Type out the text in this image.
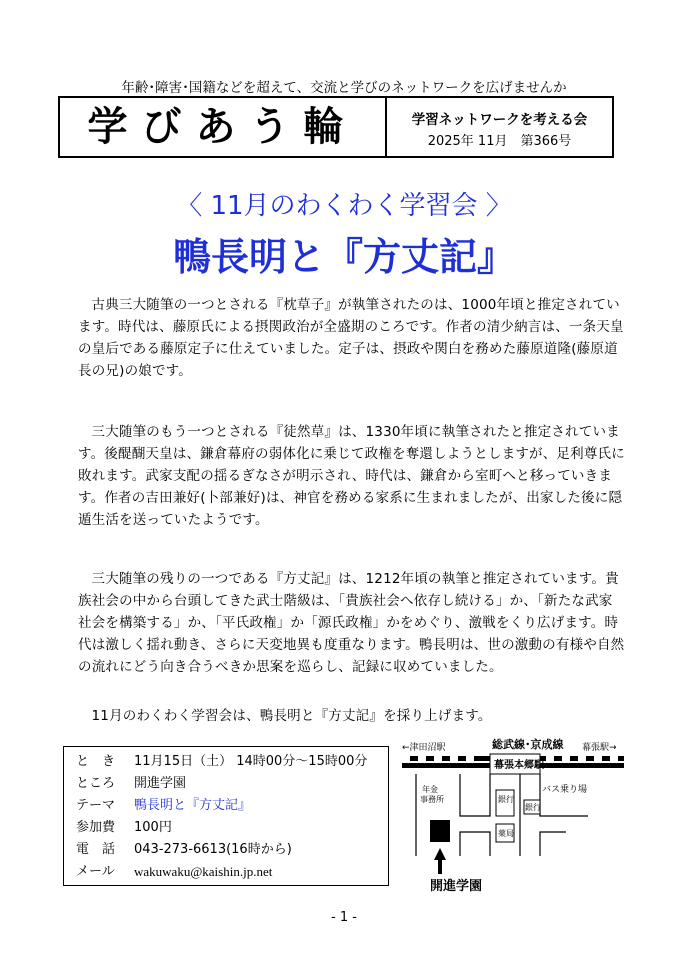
年齢･障害･国籍などを超えて、交流と学びのネットワークを広げませんか
学びあう輪	学習ネットワークを考える会
2025年 11月　第366号
〈 11月のわくわく学習会 〉
鴨長明と『方丈記』
古典三大随筆の一つとされる『枕草子』が執筆されたのは、1000年頃と推定されています。時代は、藤原氏による摂関政治が全盛期のころです。作者の清少納言は、一条天皇の皇后である藤原定子に仕えていました。定子は、摂政や関白を務めた藤原道隆(藤原道長の兄)の娘です。
三大随筆のもう一つとされる『徒然草』は、1330年頃に執筆されたと推定されています。後醍醐天皇は、鎌倉幕府の弱体化に乗じて政権を奪還しようとしますが、足利尊氏に敗れます。武家支配の揺るぎなさが明示され、時代は、鎌倉から室町へと移っていきます。作者の吉田兼好(卜部兼好)は、神官を務める家系に生まれましたが、出家した後に隠遁生活を送っていたようです。
三大随筆の残りの一つである『方丈記』は、1212年頃の執筆と推定されています。貴族社会の中から台頭してきた武士階級は、「貴族社会へ依存し続ける」か、「新たな武家社会を構築する」か、「平氏政権」か「源氏政権」かをめぐり、激戦をくり広げます。時代は激しく揺れ動き、さらに天変地異も度重なります。鴨長明は、世の激動の有様や自然の流れにどう向き合うべきか思案を巡らし、記録に収めていました。
11月のわくわく学習会は、鴨長明と『方丈記』を採り上げます。
と　き	11月15日（土） 14時00分～15時00分
ところ	開進学園
テーマ	鴨長明と『方丈記』
参加費	100円
電　話	043-273-6613(16時から)
メール	wakuwaku@kaishin.jp.net
←津田沼駅	総武線･京成線 幕張駅→
幕張本郷駅
バス乗り場
銀行
銀行
薬局
年金
事務所
開進学園
- 1 -
